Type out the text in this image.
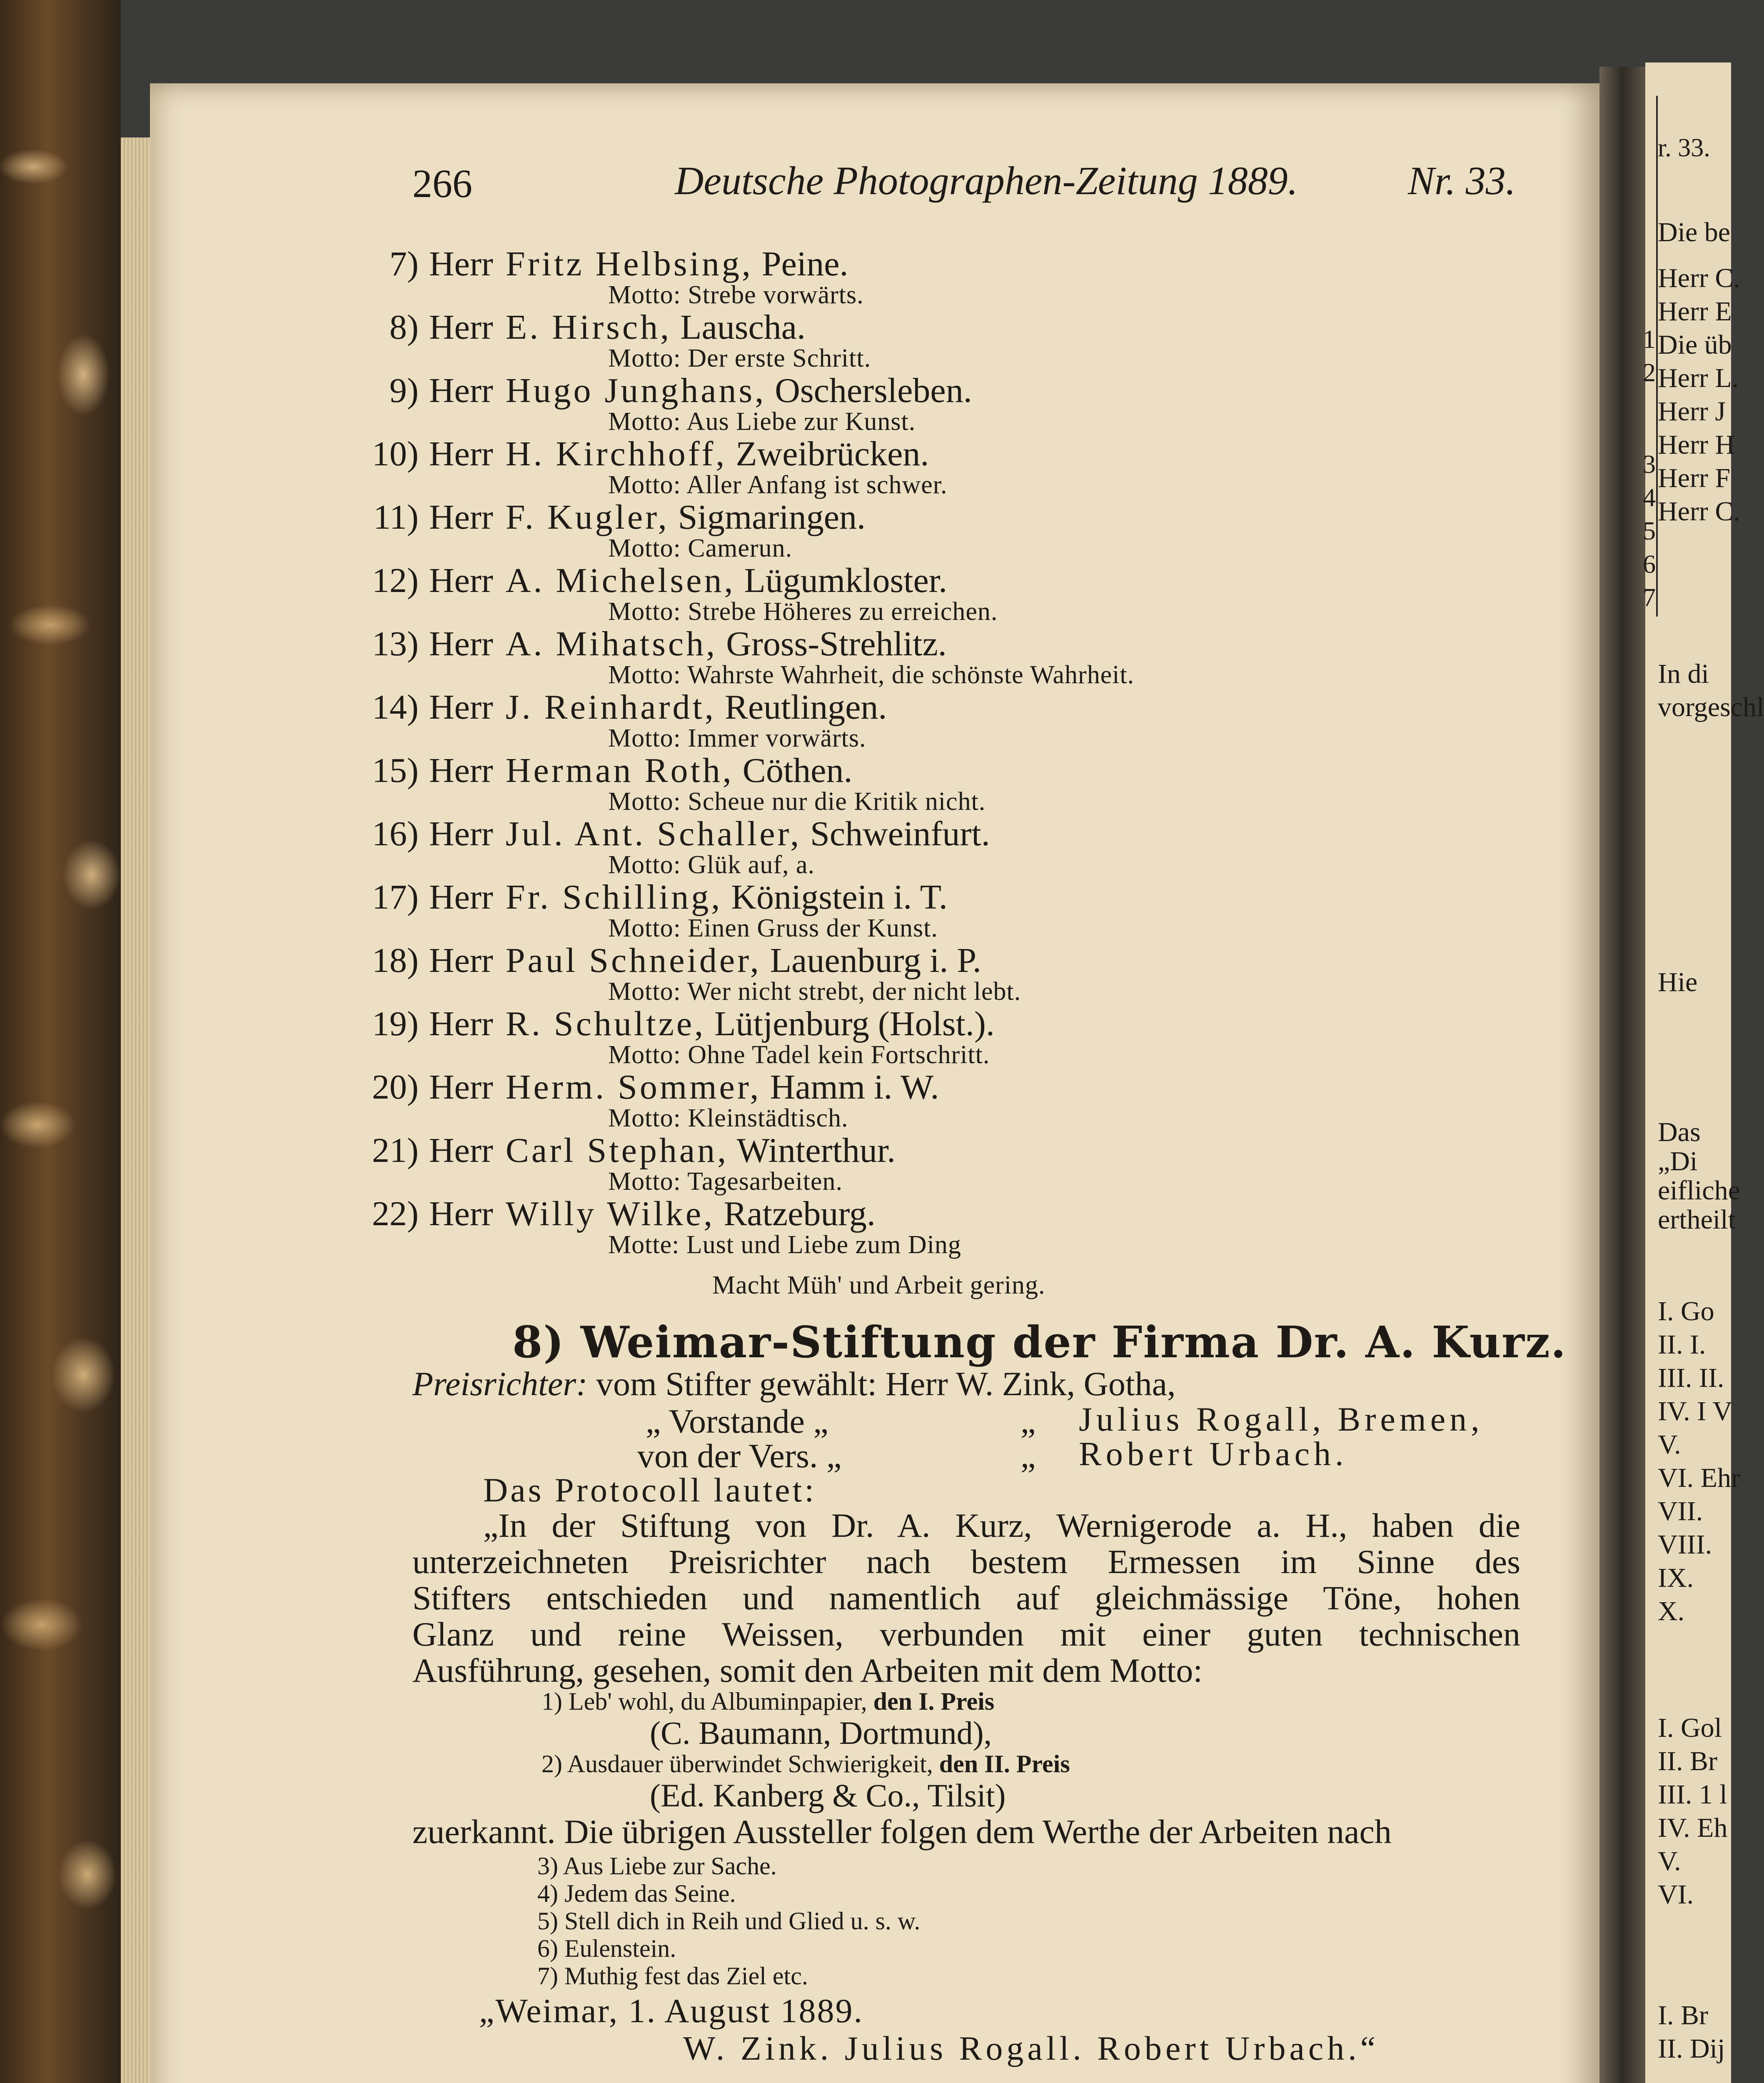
266	Deutsche Photographen-Zeitung 1889.	Nr. 33.
7) Herr Fritz Helbsing, Peine.
Motto: Strebe vorwärts.
8) Herr E. Hirsch, Lauscha.
Motto: Der erste Schritt.
9) Herr Hugo Junghans, Oschersleben.
Motto: Aus Liebe zur Kunst.
10) Herr H. Kirchhoff, Zweibrücken.
Motto: Aller Anfang ist schwer.
11) Herr F. Kugler, Sigmaringen.
Motto: Camerun.
12) Herr A. Michelsen, Lügumkloster.
Motto: Strebe Höheres zu erreichen.
13) Herr A. Mihatsch, Gross-Strehlitz.
Motto: Wahrste Wahrheit, die schönste Wahrheit.
14) Herr J. Reinhardt, Reutlingen.
Motto: Immer vorwärts.
15) Herr Herman Roth, Cöthen.
Motto: Scheue nur die Kritik nicht.
16) Herr Jul. Ant. Schaller, Schweinfurt.
Motto: Glük auf, a.
17) Herr Fr. Schilling, Königstein i. T.
Motto: Einen Gruss der Kunst.
18) Herr Paul Schneider, Lauenburg i. P.
Motto: Wer nicht strebt, der nicht lebt.
19) Herr R. Schultze, Lütjenburg (Holst.).
Motto: Ohne Tadel kein Fortschritt.
20) Herr Herm. Sommer, Hamm i. W.
Motto: Kleinstädtisch.
21) Herr Carl Stephan, Winterthur.
Motto: Tagesarbeiten.
22) Herr Willy Wilke, Ratzeburg.
Motte: Lust und Liebe zum Ding
Macht Müh' und Arbeit gering.
8) Weimar-Stiftung der Firma Dr. A. Kurz.
Preisrichter: vom Stifter gewählt: Herr W. Zink, Gotha,
„ Vorstande „	„ Julius Rogall, Bremen,
von der Vers. „	„ Robert Urbach.
Das Protocoll lautet:
„In der Stiftung von Dr. A. Kurz, Wernigerode a. H., haben die
unterzeichneten Preisrichter nach bestem Ermessen im Sinne des
Stifters entschieden und namentlich auf gleichmässige Töne, hohen
Glanz und reine Weissen, verbunden mit einer guten technischen
Ausführung, gesehen, somit den Arbeiten mit dem Motto:
1) Leb' wohl, du Albuminpapier, den I. Preis
(C. Baumann, Dortmund),
2) Ausdauer überwindet Schwierigkeit, den II. Preis
(Ed. Kanberg & Co., Tilsit)
zuerkannt. Die übrigen Aussteller folgen dem Werthe der Arbeiten nach
3) Aus Liebe zur Sache.
4) Jedem das Seine.
5) Stell dich in Reih und Glied u. s. w.
6) Eulenstein.
7) Muthig fest das Ziel etc.
„Weimar, 1. August 1889.
W. Zink. Julius Rogall. Robert Urbach.“
r. 33.
Die be
Herr C.
Herr E
Die üb
Herr L.
Herr J
Herr H
Herr F
Herr C.
In di
vorgeschl
Hie
Das
„Di
eifliche
ertheilt
I. Go
II. I.
III. II.
IV. I V
V.
VI. Ehr
VII.
VIII.
IX.
X.
I. Gol
II. Br
III. 1 l
IV. Eh
V.
VI.
I. Br
II. Dij
1
2
3
4
5
6
7
